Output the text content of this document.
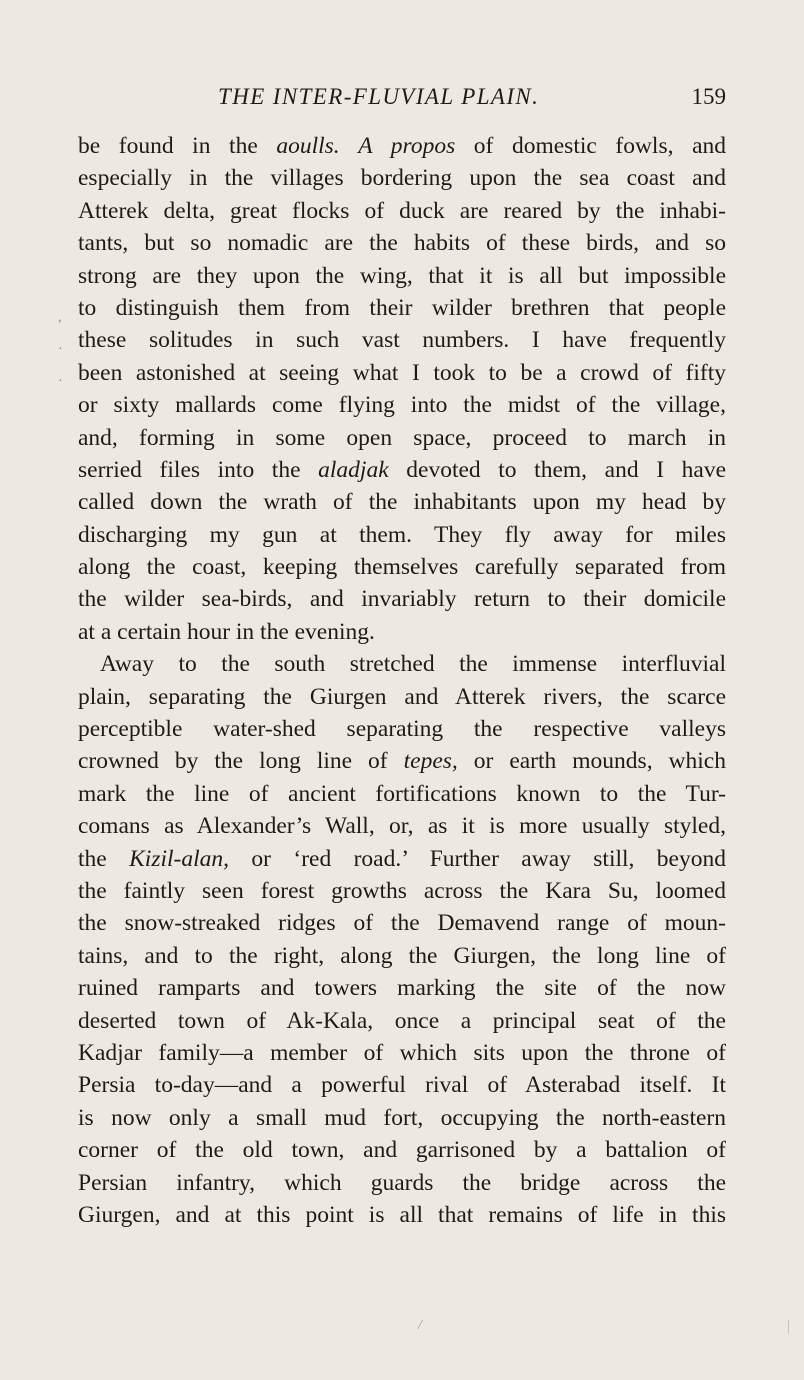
THE INTER-FLUVIAL PLAIN.	159
be found in the aoulls. A propos of domestic fowls, and
especially in the villages bordering upon the sea coast and
Atterek delta, great flocks of duck are reared by the inhabi-
tants, but so nomadic are the habits of these birds, and so
strong are they upon the wing, that it is all but impossible
to distinguish them from their wilder brethren that people
these solitudes in such vast numbers. I have frequently
been astonished at seeing what I took to be a crowd of fifty
or sixty mallards come flying into the midst of the village,
and, forming in some open space, proceed to march in
serried files into the aladjak devoted to them, and I have
called down the wrath of the inhabitants upon my head by
discharging my gun at them. They fly away for miles
along the coast, keeping themselves carefully separated from
the wilder sea-birds, and invariably return to their domicile
at a certain hour in the evening.
Away to the south stretched the immense interfluvial
plain, separating the Giurgen and Atterek rivers, the scarce
perceptible water-shed separating the respective valleys
crowned by the long line of tepes, or earth mounds, which
mark the line of ancient fortifications known to the Tur-
comans as Alexander’s Wall, or, as it is more usually styled,
the Kizil-alan, or ‘red road.’ Further away still, beyond
the faintly seen forest growths across the Kara Su, loomed
the snow-streaked ridges of the Demavend range of moun-
tains, and to the right, along the Giurgen, the long line of
ruined ramparts and towers marking the site of the now
deserted town of Ak-Kala, once a principal seat of the
Kadjar family—a member of which sits upon the throne of
Persia to-day—and a powerful rival of Asterabad itself. It
is now only a small mud fort, occupying the north-eastern
corner of the old town, and garrisoned by a battalion of
Persian infantry, which guards the bridge across the
Giurgen, and at this point is all that remains of life in this
,
·
·
/
